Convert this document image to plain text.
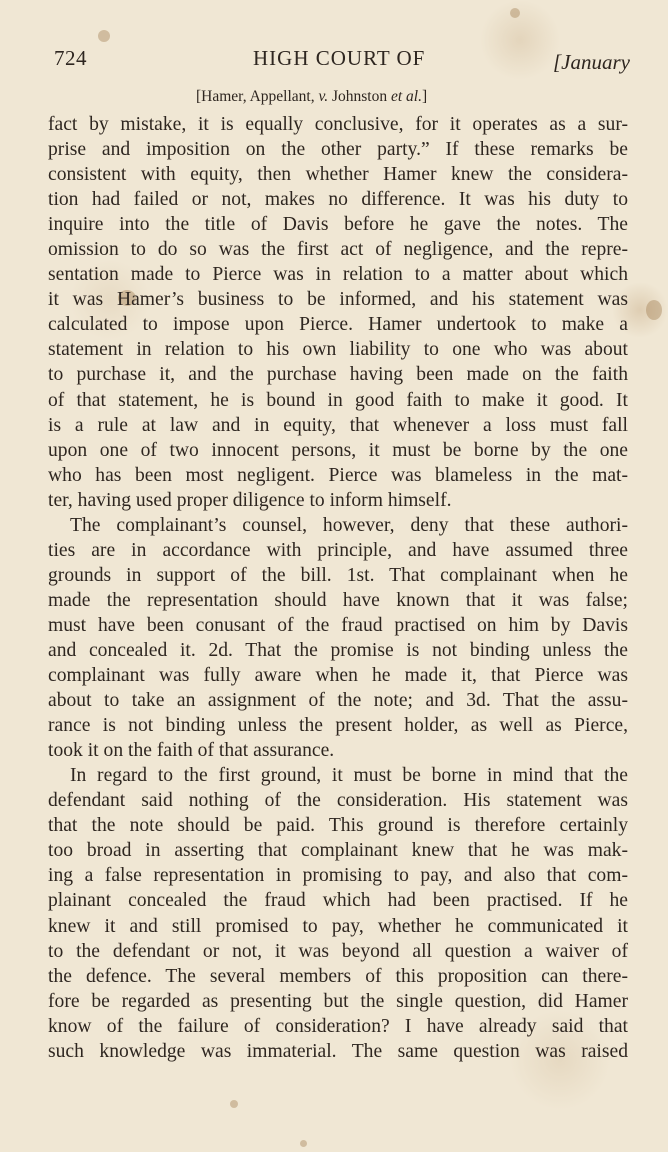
724	HIGH COURT OF	[January
[Hamer, Appellant, v. Johnston et al.]
fact by mistake, it is equally conclusive, for it operates as a sur-
prise and imposition on the other party.” If these remarks be
consistent with equity, then whether Hamer knew the considera-
tion had failed or not, makes no difference. It was his duty to
inquire into the title of Davis before he gave the notes. The
omission to do so was the first act of negligence, and the repre-
sentation made to Pierce was in relation to a matter about which
it was Hamer’s business to be informed, and his statement was
calculated to impose upon Pierce. Hamer undertook to make a
statement in relation to his own liability to one who was about
to purchase it, and the purchase having been made on the faith
of that statement, he is bound in good faith to make it good. It
is a rule at law and in equity, that whenever a loss must fall
upon one of two innocent persons, it must be borne by the one
who has been most negligent. Pierce was blameless in the mat-
ter, having used proper diligence to inform himself.
The complainant’s counsel, however, deny that these authori-
ties are in accordance with principle, and have assumed three
grounds in support of the bill. 1st. That complainant when he
made the representation should have known that it was false;
must have been conusant of the fraud practised on him by Davis
and concealed it. 2d. That the promise is not binding unless the
complainant was fully aware when he made it, that Pierce was
about to take an assignment of the note; and 3d. That the assu-
rance is not binding unless the present holder, as well as Pierce,
took it on the faith of that assurance.
In regard to the first ground, it must be borne in mind that the
defendant said nothing of the consideration. His statement was
that the note should be paid. This ground is therefore certainly
too broad in asserting that complainant knew that he was mak-
ing a false representation in promising to pay, and also that com-
plainant concealed the fraud which had been practised. If he
knew it and still promised to pay, whether he communicated it
to the defendant or not, it was beyond all question a waiver of
the defence. The several members of this proposition can there-
fore be regarded as presenting but the single question, did Hamer
know of the failure of consideration? I have already said that
such knowledge was immaterial. The same question was raised
